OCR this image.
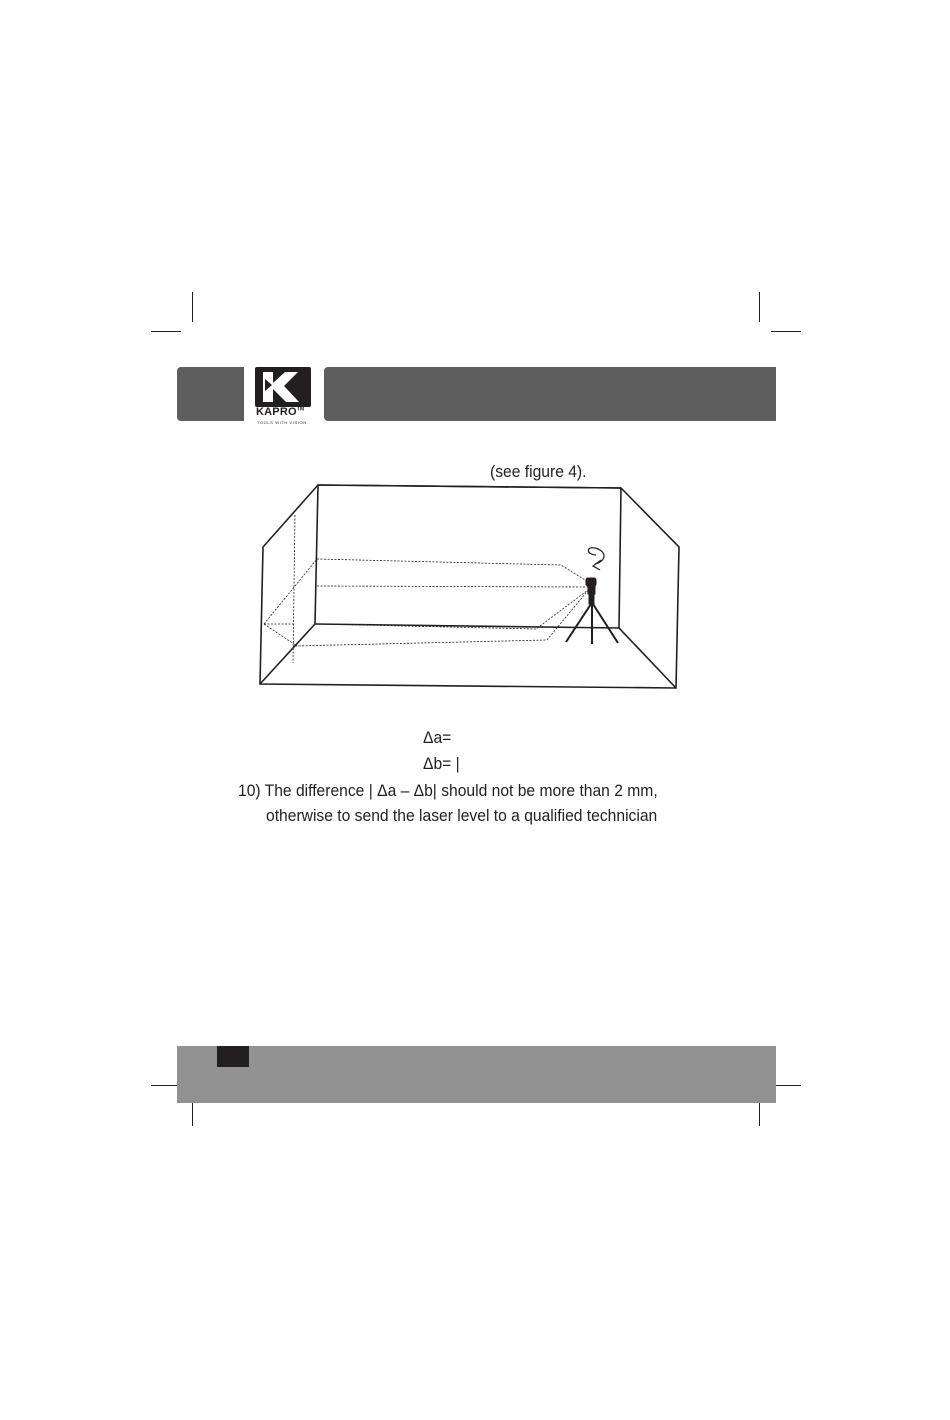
KAPRO™
TOOLS WITH VISION
(see figure 4).
Δa=
Δb= |
10) The difference | Δa – Δb| should not be more than 2 mm,
otherwise to send the laser level to a qualified technician
